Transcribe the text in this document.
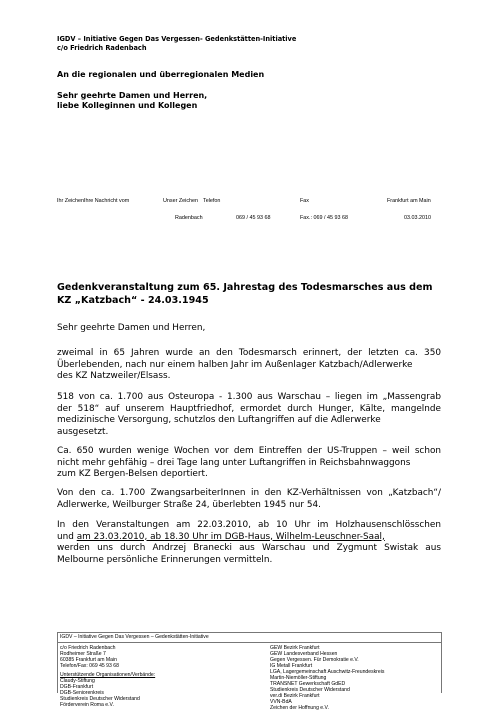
IGDV – Initiative Gegen Das Vergessen- Gedenkstätten-Initiative
c/o Friedrich Radenbach
An die regionalen und überregionalen Medien
Sehr geehrte Damen und Herren,
liebe Kolleginnen und Kollegen
Ihr Zeichen Ihre Nachricht vom	Unser Zeichen Telefon	Fax	Frankfurt am Main
Radenbach	069 / 45 93 68	Fax.: 069 / 45 93 68	03.03.2010
Gedenkveranstaltung zum 65. Jahrestag des Todesmarsches aus dem
KZ „Katzbach“ - 24.03.1945
Sehr geehrte Damen und Herren,
zweimal in 65 Jahren wurde an den Todesmarsch erinnert, der letzten ca. 350
Überlebenden, nach nur einem halben Jahr im Außenlager Katzbach/Adlerwerke
des KZ Natzweiler/Elsass.
518 von ca. 1.700 aus Osteuropa - 1.300 aus Warschau – liegen im „Massengrab
der 518“ auf unserem Hauptfriedhof, ermordet durch Hunger, Kälte, mangelnde
medizinische Versorgung, schutzlos den Luftangriffen auf die Adlerwerke
ausgesetzt.
Ca. 650 wurden wenige Wochen vor dem Eintreffen der US-Truppen – weil schon
nicht mehr gehfähig – drei Tage lang unter Luftangriffen in Reichsbahnwaggons
zum KZ Bergen-Belsen deportiert.
Von den ca. 1.700 ZwangsarbeiterInnen in den KZ-Verhältnissen von „Katzbach“/
Adlerwerke, Weilburger Straße 24, überlebten 1945 nur 54.
In den Veranstaltungen am 22.03.2010, ab 10 Uhr im Holzhausenschlösschen
und am 23.03.2010, ab 18.30 Uhr im DGB-Haus, Wilhelm-Leuschner-Saal,
werden uns durch Andrzej Branecki aus Warschau und Zygmunt Swistak aus
Melbourne persönliche Erinnerungen vermitteln.
IGDV – Initiative Gegen Das Vergessen – Gedenkstätten-Initiative
c/o Friedrich Radenbach
Rodheimer Straße 7
60385 Frankfurt am Main
Telefon/Fax: 069 45 93 68
Unterstützende Organisationen/Verbände:
Claudy-Stiftung
DGB-Frankfurt
DGB-Seniorenkreis
Studienkreis Deutscher Widerstand
Förderverein Roma e.V.
GEW Bezirk Frankfurt
GEW Landesverband Hessen
Gegen Vergessen. Für Demokratie e.V.
IG Metall Frankfurt
LGA, Lagergemeinschaft Auschwitz-Freundeskreis
Martin-Niemöller-Stiftung
TRANSNET Gewerkschaft GdED
Studienkreis Deutscher Widerstand
ver.di Bezirk Frankfurt
VVN-BdA
Zeichen der Hoffnung e.V.
